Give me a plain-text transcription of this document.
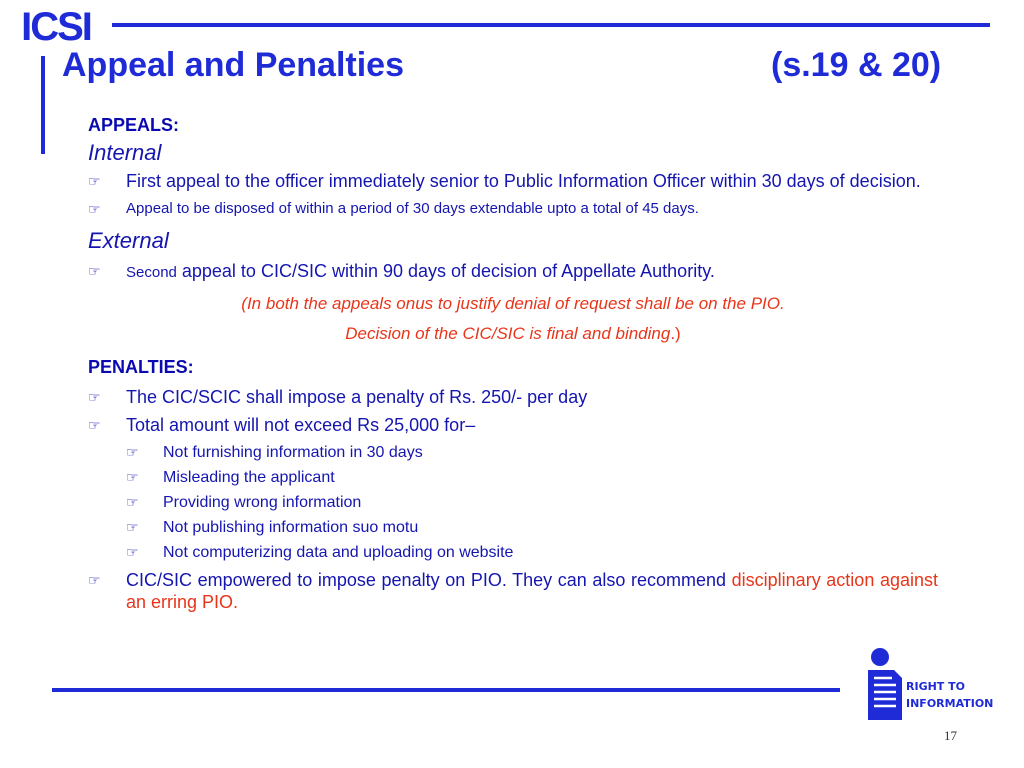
ICSI
Appeal and Penalties	(s.19 & 20)
APPEALS:
Internal
☞ First appeal to the officer immediately senior to Public Information Officer within 30 days of decision.
☞ Appeal to be disposed of within a period of 30 days extendable upto a total of 45 days.
External
☞ Second appeal to CIC/SIC within 90 days of decision of Appellate Authority.
(In both the appeals onus to justify denial of request shall be on the PIO.
Decision of the CIC/SIC is final and binding.)
PENALTIES:
☞ The CIC/SCIC shall impose a penalty of Rs. 250/- per day
☞ Total amount will not exceed Rs 25,000 for–
☞ Not furnishing information in 30 days
☞ Misleading the applicant
☞ Providing wrong information
☞ Not publishing information suo motu
☞ Not computerizing data and uploading on website
☞ CIC/SIC empowered to impose penalty on PIO. They can also recommend disciplinary action against an erring PIO.
RIGHT TO
INFORMATION
17
